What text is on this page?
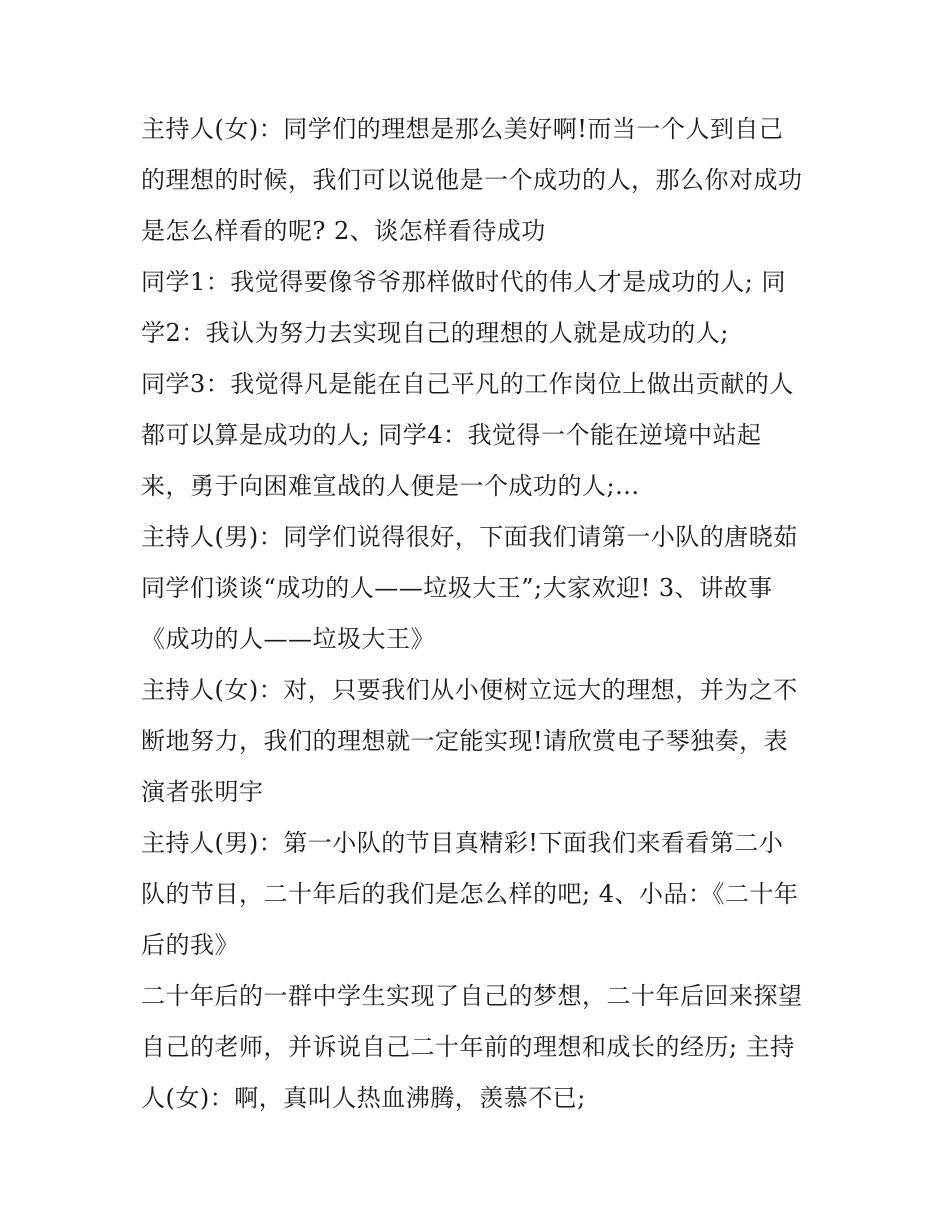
主持人(女)：同学们的理想是那么美好啊!而当一个人到自己
的理想的时候，我们可以说他是一个成功的人，那么你对成功
是怎么样看的呢? 2、谈怎样看待成功
同学1：我觉得要像爷爷那样做时代的伟人才是成功的人; 同
学2：我认为努力去实现自己的理想的人就是成功的人;
同学3：我觉得凡是能在自己平凡的工作岗位上做出贡献的人
都可以算是成功的人; 同学4：我觉得一个能在逆境中站起
来，勇于向困难宣战的人便是一个成功的人;...
主持人(男)：同学们说得很好，下面我们请第一小队的唐晓茹
同学们谈谈“成功的人——垃圾大王”;大家欢迎! 3、讲故事
《成功的人——垃圾大王》
主持人(女)：对，只要我们从小便树立远大的理想，并为之不
断地努力，我们的理想就一定能实现!请欣赏电子琴独奏，表
演者张明宇
主持人(男)：第一小队的节目真精彩!下面我们来看看第二小
队的节目，二十年后的我们是怎么样的吧; 4、小品：《二十年
后的我》
二十年后的一群中学生实现了自己的梦想，二十年后回来探望
自己的老师，并诉说自己二十年前的理想和成长的经历; 主持
人(女)：啊，真叫人热血沸腾，羡慕不已;
